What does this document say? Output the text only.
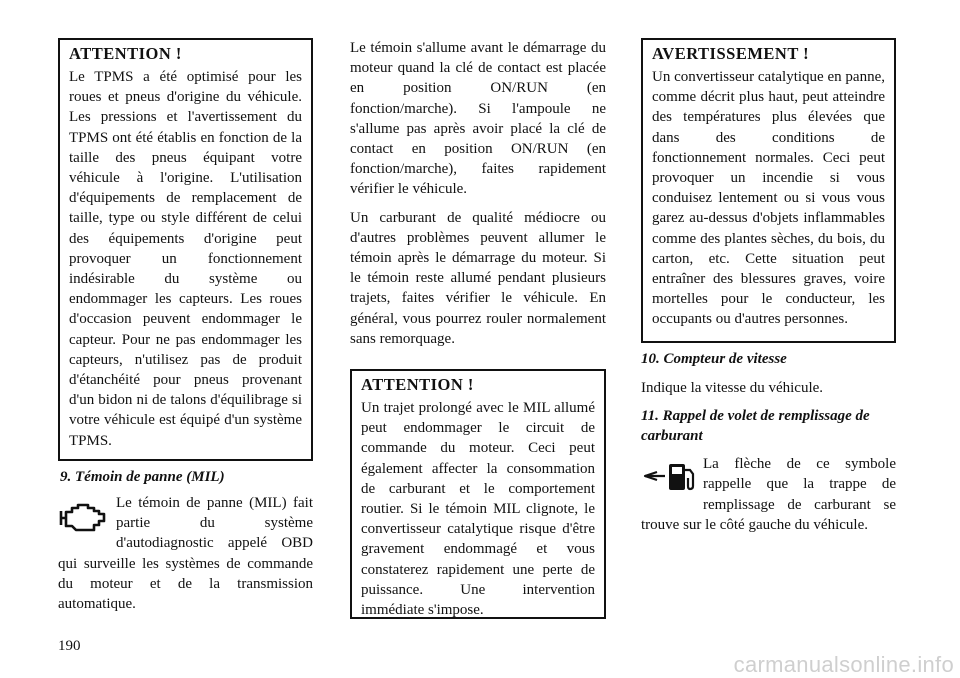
ATTENTION !

Le TPMS a été optimisé pour les roues et pneus d'origine du véhicule. Les pressions et l'avertissement du TPMS ont été établis en fonction de la taille des pneus équipant votre véhicule à l'origine. L'utilisation d'équipements de remplacement de taille, type ou style différent de celui des équipements d'origine peut provoquer un fonctionnement indésirable du système ou endommager les capteurs. Les roues d'occasion peuvent endommager le capteur. Pour ne pas endommager les capteurs, n'utilisez pas de produit d'étanchéité pour pneus provenant d'un bidon ni de talons d'équilibrage si votre véhicule est équipé d'un système TPMS.

9. Témoin de panne (MIL)

Le témoin de panne (MIL) fait partie du système d'autodiagnostic appelé OBD qui surveille les systèmes de commande du moteur et de la transmission automatique.

Le témoin s'allume avant le démarrage du moteur quand la clé de contact est placée en position ON/RUN (en fonction/marche). Si l'ampoule ne s'allume pas après avoir placé la clé de contact en position ON/RUN (en fonction/marche), faites rapidement vérifier le véhicule.

Un carburant de qualité médiocre ou d'autres problèmes peuvent allumer le témoin après le démarrage du moteur. Si le témoin reste allumé pendant plusieurs trajets, faites vérifier le véhicule. En général, vous pourrez rouler normalement sans remorquage.

ATTENTION !

Un trajet prolongé avec le MIL allumé peut endommager le circuit de commande du moteur. Ceci peut également affecter la consommation de carburant et le comportement routier. Si le témoin MIL clignote, le convertisseur catalytique risque d'être gravement endommagé et vous constaterez rapidement une perte de puissance. Une intervention immédiate s'impose.

AVERTISSEMENT !

Un convertisseur catalytique en panne, comme décrit plus haut, peut atteindre des températures plus élevées que dans des conditions de fonctionnement normales. Ceci peut provoquer un incendie si vous conduisez lentement ou si vous vous garez au-dessus d'objets inflammables comme des plantes sèches, du bois, du carton, etc. Cette situation peut entraîner des blessures graves, voire mortelles pour le conducteur, les occupants ou d'autres personnes.

10. Compteur de vitesse

Indique la vitesse du véhicule.

11. Rappel de volet de remplissage de carburant

La flèche de ce symbole rappelle que la trappe de remplissage de carburant se trouve sur le côté gauche du véhicule.

190
carmanualsonline.info
